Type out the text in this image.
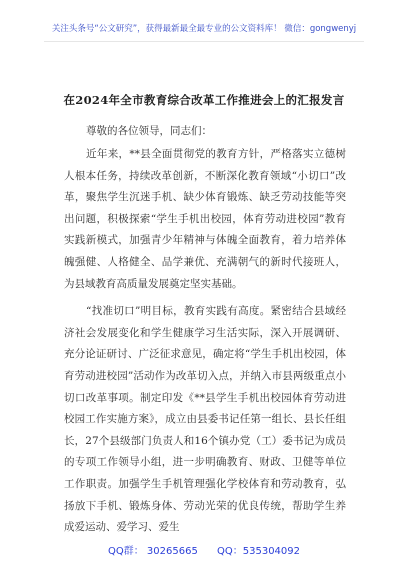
关注头条号“公文研究”，获得最新最全最专业的公文资料库！ 微信：gongwenyj
在2024年全市教育综合改革工作推进会上的汇报发言

尊敬的各位领导，同志们：

近年来，**县全面贯彻党的教育方针，严格落实立德树人根本任务，持续改革创新，不断深化教育领域“小切口”改革，聚焦学生沉迷手机、缺少体育锻炼、缺乏劳动技能等突出问题，积极探索“学生手机出校园，体育劳动进校园”教育实践新模式，加强青少年精神与体魄全面教育，着力培养体魄强健、人格健全、品学兼优、充满朝气的新时代接班人，为县域教育高质量发展奠定坚实基础。

“找准切口”明目标，教育实践有高度。紧密结合县域经济社会发展变化和学生健康学习生活实际，深入开展调研、充分论证研讨、广泛征求意见，确定将“学生手机出校园，体育劳动进校园”活动作为改革切入点，并纳入市县两级重点小切口改革事项。制定印发《**县学生手机出校园体育劳动进校园工作实施方案》，成立由县委书记任第一组长、县长任组长，27个县级部门负责人和16个镇办党（工）委书记为成员的专项工作领导小组，进一步明确教育、财政、卫健等单位工作职责。加强学生手机管理强化学校体育和劳动教育，弘扬放下手机、锻炼身体、劳动光荣的优良传统，帮助学生养成爱运动、爱学习、爱生

QQ群： 30265665 QQ：535304092
